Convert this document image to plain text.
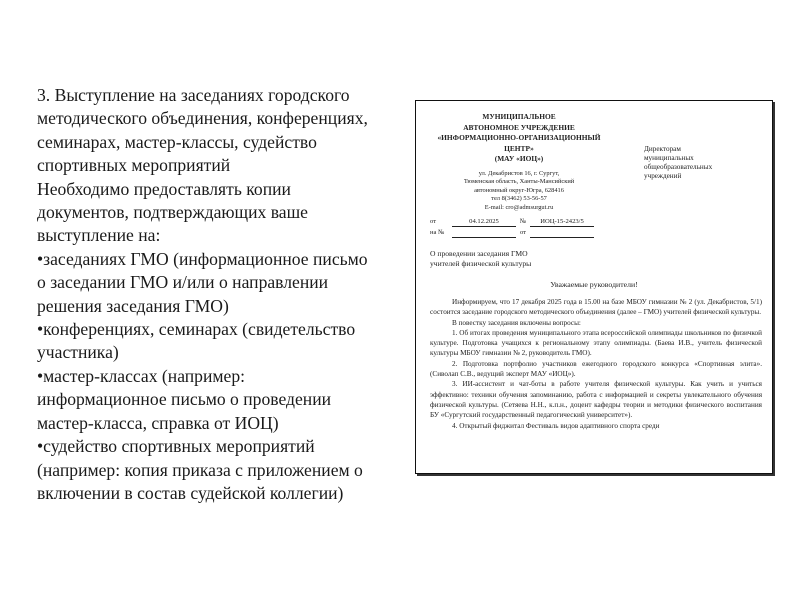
3. Выступление на заседаниях городского
методического объединения, конференциях,
семинарах, мастер-классы, судейство
спортивных мероприятий
Необходимо предоставлять копии
документов, подтверждающих ваше
выступление на:
•заседаниях ГМО (информационное письмо
о заседании ГМО и/или о направлении
решения заседания ГМО)
•конференциях, семинарах (свидетельство
участника)
•мастер-классах (например:
информационное письмо о проведении
мастер-класса, справка от ИОЦ)
•судейство спортивных мероприятий
(например: копия приказа с приложением о
включении в состав судейской коллегии)
МУНИЦИПАЛЬНОЕ
АВТОНОМНОЕ УЧРЕЖДЕНИЕ
«ИНФОРМАЦИОННО-ОРГАНИЗАЦИОННЫЙ
ЦЕНТР»
(МАУ «ИОЦ»)
ул. Декабристов 16, г. Сургут,
Тюменская область, Ханты-Мансийский
автономный округ-Югра, 628416
тел 8(3462) 53-56-57
E-mail: cro@admsurgut.ru
Директорам
муниципальных
общеобразовательных
учреждений
от	04.12.2025	№	ИОЦ-15-2423/5
на №	от
О проведении заседания ГМО
учителей физической культуры
Уважаемые руководители!

Информируем, что 17 декабря 2025 года в 15.00 на базе МБОУ гимназии № 2 (ул. Декабристов, 5/1) состоится заседание городского методического объединения (далее – ГМО) учителей физической культуры.

В повестку заседания включены вопросы:

1. Об итогах проведения муниципального этапа всероссийской олимпиады школьников по физичкой культуре. Подготовка учащихся к региональному этапу олимпиады. (Баева И.В., учитель физической культуры МБОУ гимназии № 2, руководитель ГМО).

2. Подготовка портфолио участников ежегодного городского конкурса «Спортивная элита». (Сиволап С.В., ведущий эксперт МАУ «ИОЦ»).

3. ИИ-ассистент и чат-боты в работе учителя физической культуры. Как учить и учиться эффективно: техники обучения запоминанию, работа с информацией и секреты увлекательного обучения физической культуры. (Сетяева Н.Н., к.п.н., доцент кафедры теории и методики физического воспитания БУ «Сургутский государственный педагогический университет»).

4. Открытый фиджитал Фестиваль видов адаптивного спорта среди
